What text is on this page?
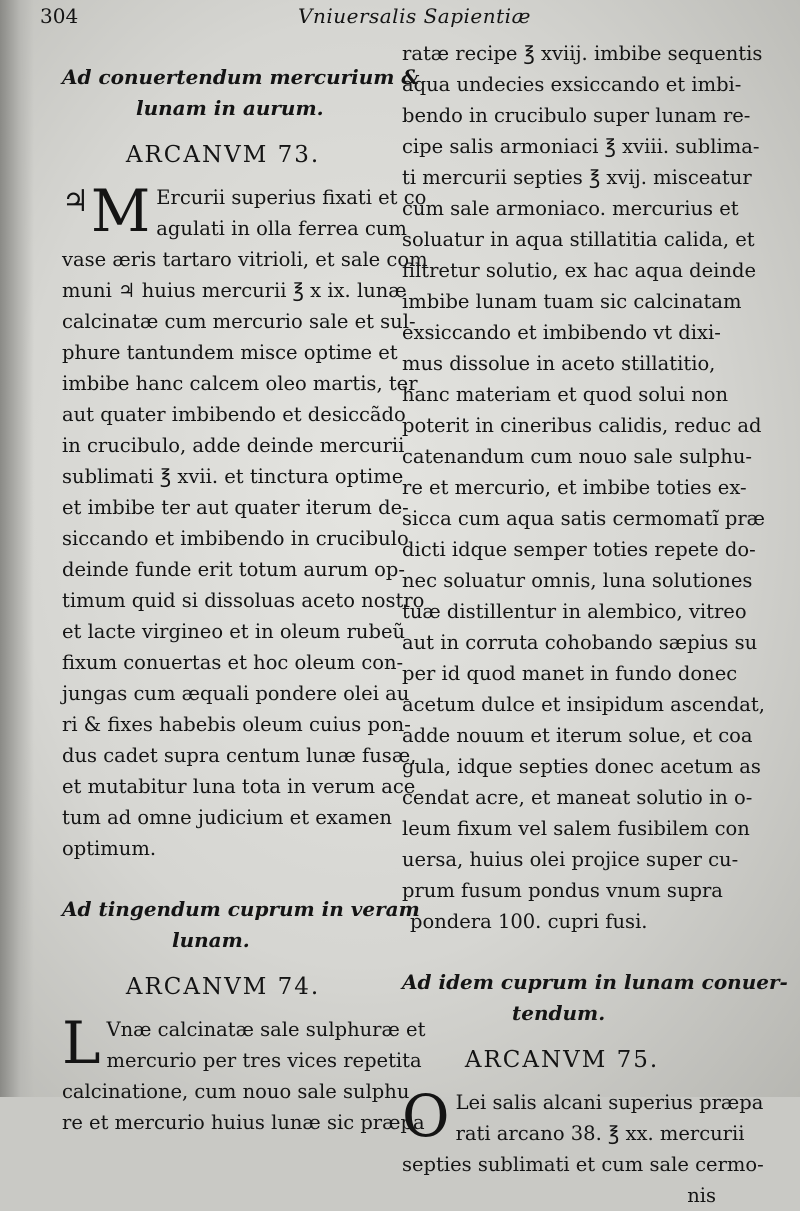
304	Vniuersalis Sapientiæ
Ad conuertendum mercurium &
lunam in aurum.
ARCANVM 73.
♃ M Ercurii superius fixati et co
agulati in olla ferrea cum
vase æris tartaro vitrioli, et sale com
muni ♃ huius mercurii ℥ x ix. lunæ
calcinatæ cum mercurio sale et sul-
phure tantundem misce optime et
imbibe hanc calcem oleo martis, ter
aut quater imbibendo et desiccãdo
in crucibulo, adde deinde mercurii
sublimati ℥ xvii. et tinctura optime
et imbibe ter aut quater iterum de-
siccando et imbibendo in crucibulo
deinde funde erit totum aurum op-
timum quid si dissoluas aceto nostro
et lacte virgineo et in oleum rubeũ
fixum conuertas et hoc oleum con-
jungas cum æquali pondere olei au
ri & fixes habebis oleum cuius pon-
dus cadet supra centum lunæ fusæ,
et mutabitur luna tota in verum ace
tum ad omne judicium et examen
optimum.
Ad tingendum cuprum in veram
lunam.
ARCANVM 74.
L Vnæ calcinatæ sale sulphuræ et
mercurio per tres vices repetita
calcinatione, cum nouo sale sulphu
re et mercurio huius lunæ sic præpa
ratæ recipe ℥ xviij. imbibe sequentis
aqua undecies exsiccando et imbi-
bendo in crucibulo super lunam re-
cipe salis armoniaci ℥ xviii. sublima-
ti mercurii septies ℥ xvij. misceatur
cum sale armoniaco. mercurius et
soluatur in aqua stillatitia calida, et
filtretur solutio, ex hac aqua deinde
imbibe lunam tuam sic calcinatam
exsiccando et imbibendo vt dixi-
mus dissolue in aceto stillatitio,
hanc materiam et quod solui non
poterit in cineribus calidis, reduc ad
catenandum cum nouo sale sulphu-
re et mercurio, et imbibe toties ex-
sicca cum aqua satis cermomatĩ præ
dicti idque semper toties repete do-
nec soluatur omnis, luna solutiones
tuæ distillentur in alembico, vitreo
aut in corruta cohobando sæpius su
per id quod manet in fundo donec
acetum dulce et insipidum ascendat,
adde nouum et iterum solue, et coa
gula, idque septies donec acetum as
cendat acre, et maneat solutio in o-
leum fixum vel salem fusibilem con
uersa, huius olei projice super cu-
prum fusum pondus vnum supra
pondera 100. cupri fusi.
Ad idem cuprum in lunam conuer-
tendum.
ARCANVM 75.
O Lei salis alcani superius præpa
rati arcano 38. ℥ xx. mercurii
septies sublimati et cum sale cermo-
nis
